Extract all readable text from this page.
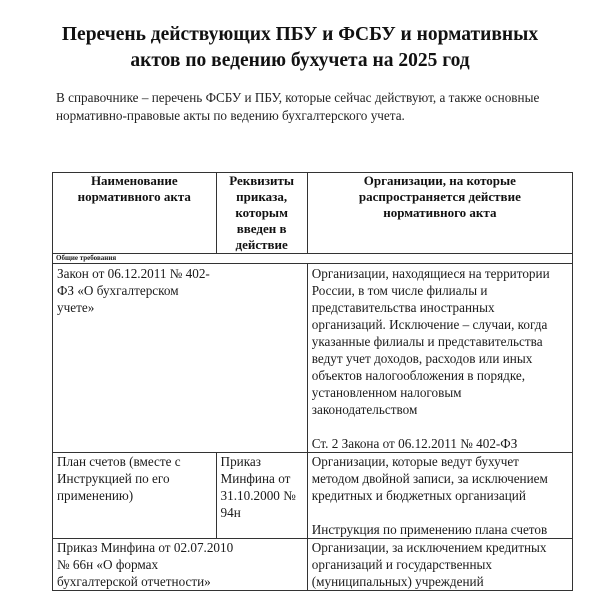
Перечень действующих ПБУ и ФСБУ и нормативных
актов по ведению бухучета на 2025 год
В справочнике – перечень ФСБУ и ПБУ, которые сейчас действуют, а также основные
нормативно-правовые акты по ведению бухгалтерского учета.
Наименование нормативного акта	Реквизиты приказа, которым введен в действие	Организации, на которые распространяется действие нормативного акта
Общие требования		
Закон от 06.12.2011 № 402-ФЗ «О бухгалтерском учете»		Организации, находящиеся на территории России, в том числе филиалы и представительства иностранных организаций. Исключение – случаи, когда указанные филиалы и представительства ведут учет доходов, расходов или иных объектов налогообложения в порядке, установленном налоговым законодательством
Ст. 2 Закона от 06.12.2011 № 402-ФЗ
План счетов (вместе с Инструкцией по его применению)	Приказ Минфина от 31.10.2000 № 94н	Организации, которые ведут бухучет методом двойной записи, за исключением кредитных и бюджетных организаций
Инструкция по применению плана счетов
Приказ Минфина от 02.07.2010 № 66н «О формах бухгалтерской отчетности»		Организации, за исключением кредитных организаций и государственных (муниципальных) учреждений
